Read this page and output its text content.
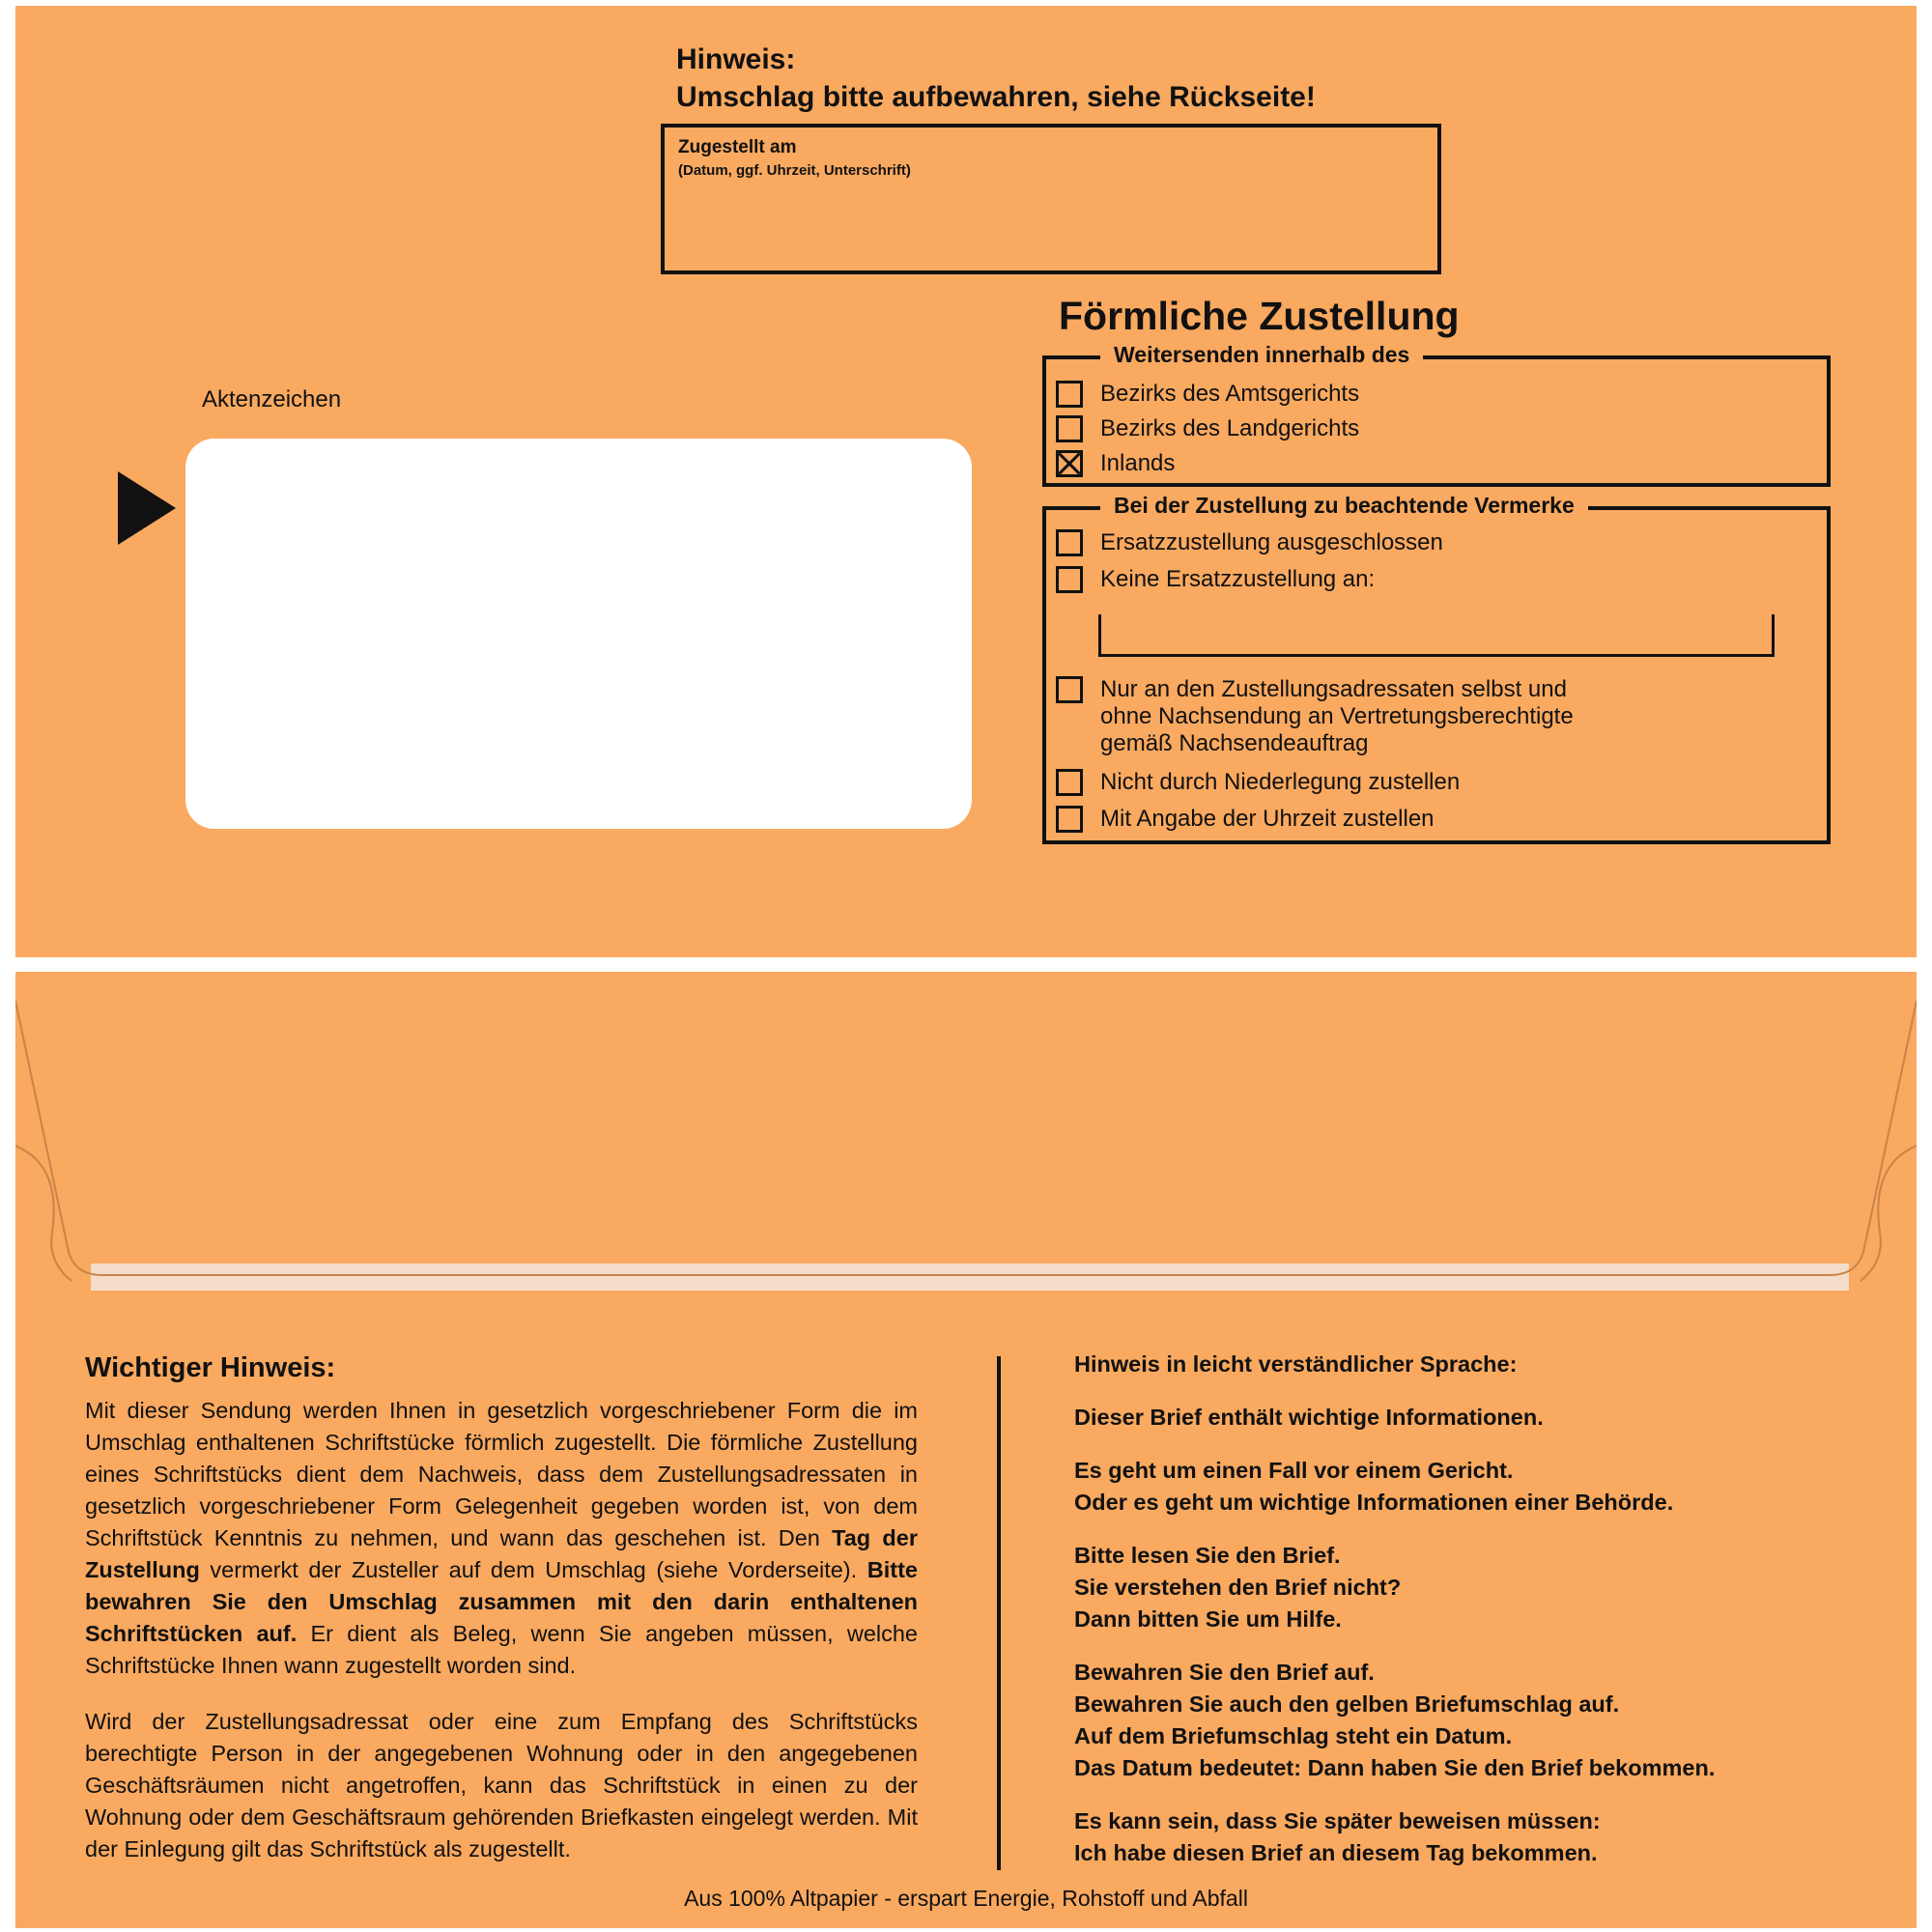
Hinweis:
Umschlag bitte aufbewahren, siehe Rückseite!
Zugestellt am
(Datum, ggf. Uhrzeit, Unterschrift)
Förmliche Zustellung
Aktenzeichen
Weitersenden innerhalb des
Bezirks des Amtsgerichts
Bezirks des Landgerichts
Inlands
Bei der Zustellung zu beachtende Vermerke
Ersatzzustellung ausgeschlossen
Keine Ersatzzustellung an:
Nur an den Zustellungsadressaten selbst und
ohne Nachsendung an Vertretungsberechtigte
gemäß Nachsendeauftrag
Nicht durch Niederlegung zustellen
Mit Angabe der Uhrzeit zustellen
Wichtiger Hinweis:

Mit dieser Sendung werden Ihnen in gesetzlich vorgeschriebener Form die im Umschlag enthaltenen Schriftstücke förmlich zugestellt. Die förmliche Zustellung eines Schriftstücks dient dem Nachweis, dass dem Zustellungsadressaten in gesetzlich vorgeschriebener Form Gelegenheit gegeben worden ist, von dem Schriftstück Kenntnis zu nehmen, und wann das geschehen ist. Den Tag der Zustellung vermerkt der Zusteller auf dem Umschlag (siehe Vorderseite). Bitte bewahren Sie den Umschlag zusammen mit den darin enthaltenen Schriftstücken auf. Er dient als Beleg, wenn Sie angeben müssen, welche Schriftstücke Ihnen wann zugestellt worden sind.

Wird der Zustellungsadressat oder eine zum Empfang des Schriftstücks berechtigte Person in der angegebenen Wohnung oder in den angegebenen Geschäftsräumen nicht angetroffen, kann das Schriftstück in einen zu der Wohnung oder dem Geschäftsraum gehörenden Briefkasten eingelegt werden. Mit der Einlegung gilt das Schriftstück als zugestellt.

Hinweis in leicht verständlicher Sprache:

Dieser Brief enthält wichtige Informationen.

Es geht um einen Fall vor einem Gericht.
Oder es geht um wichtige Informationen einer Behörde.

Bitte lesen Sie den Brief.
Sie verstehen den Brief nicht?
Dann bitten Sie um Hilfe.

Bewahren Sie den Brief auf.
Bewahren Sie auch den gelben Briefumschlag auf.
Auf dem Briefumschlag steht ein Datum.
Das Datum bedeutet: Dann haben Sie den Brief bekommen.

Es kann sein, dass Sie später beweisen müssen:
Ich habe diesen Brief an diesem Tag bekommen.

Aus 100% Altpapier - erspart Energie, Rohstoff und Abfall
